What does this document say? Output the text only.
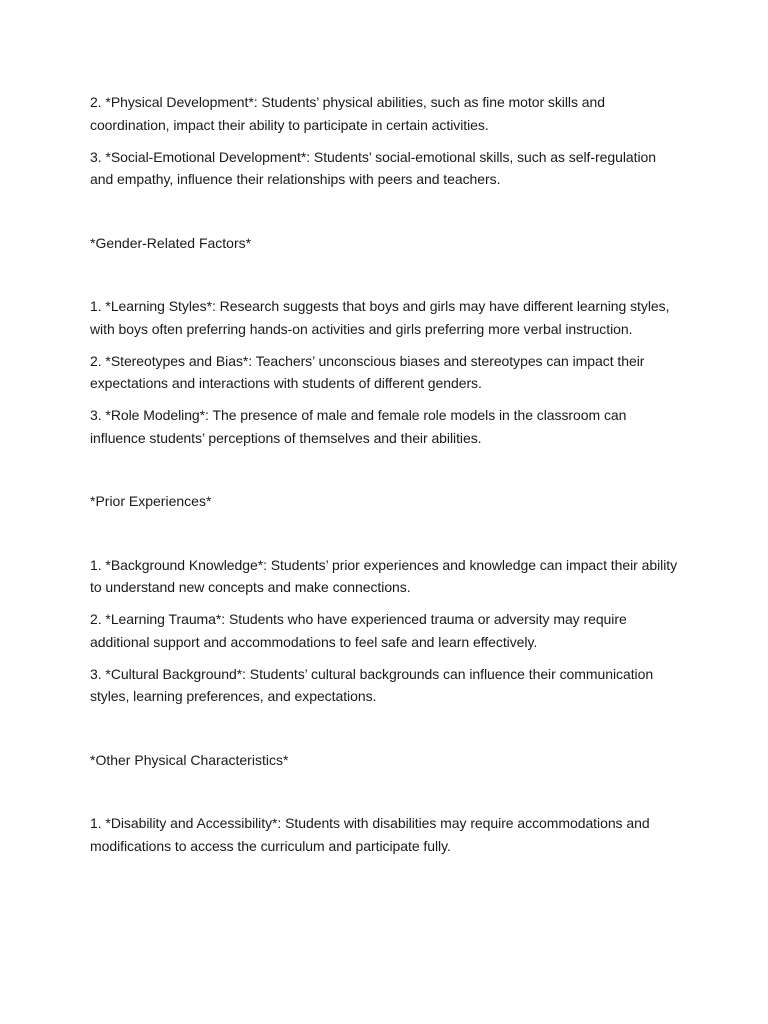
2. *Physical Development*: Students’ physical abilities, such as fine motor skills and coordination, impact their ability to participate in certain activities.

3. *Social-Emotional Development*: Students’ social-emotional skills, such as self-regulation and empathy, influence their relationships with peers and teachers.

*Gender-Related Factors*

1. *Learning Styles*: Research suggests that boys and girls may have different learning styles, with boys often preferring hands-on activities and girls preferring more verbal instruction.

2. *Stereotypes and Bias*: Teachers’ unconscious biases and stereotypes can impact their expectations and interactions with students of different genders.

3. *Role Modeling*: The presence of male and female role models in the classroom can influence students’ perceptions of themselves and their abilities.

*Prior Experiences*

1. *Background Knowledge*: Students’ prior experiences and knowledge can impact their ability to understand new concepts and make connections.

2. *Learning Trauma*: Students who have experienced trauma or adversity may require additional support and accommodations to feel safe and learn effectively.

3. *Cultural Background*: Students’ cultural backgrounds can influence their communication styles, learning preferences, and expectations.

*Other Physical Characteristics*

1. *Disability and Accessibility*: Students with disabilities may require accommodations and modifications to access the curriculum and participate fully.
